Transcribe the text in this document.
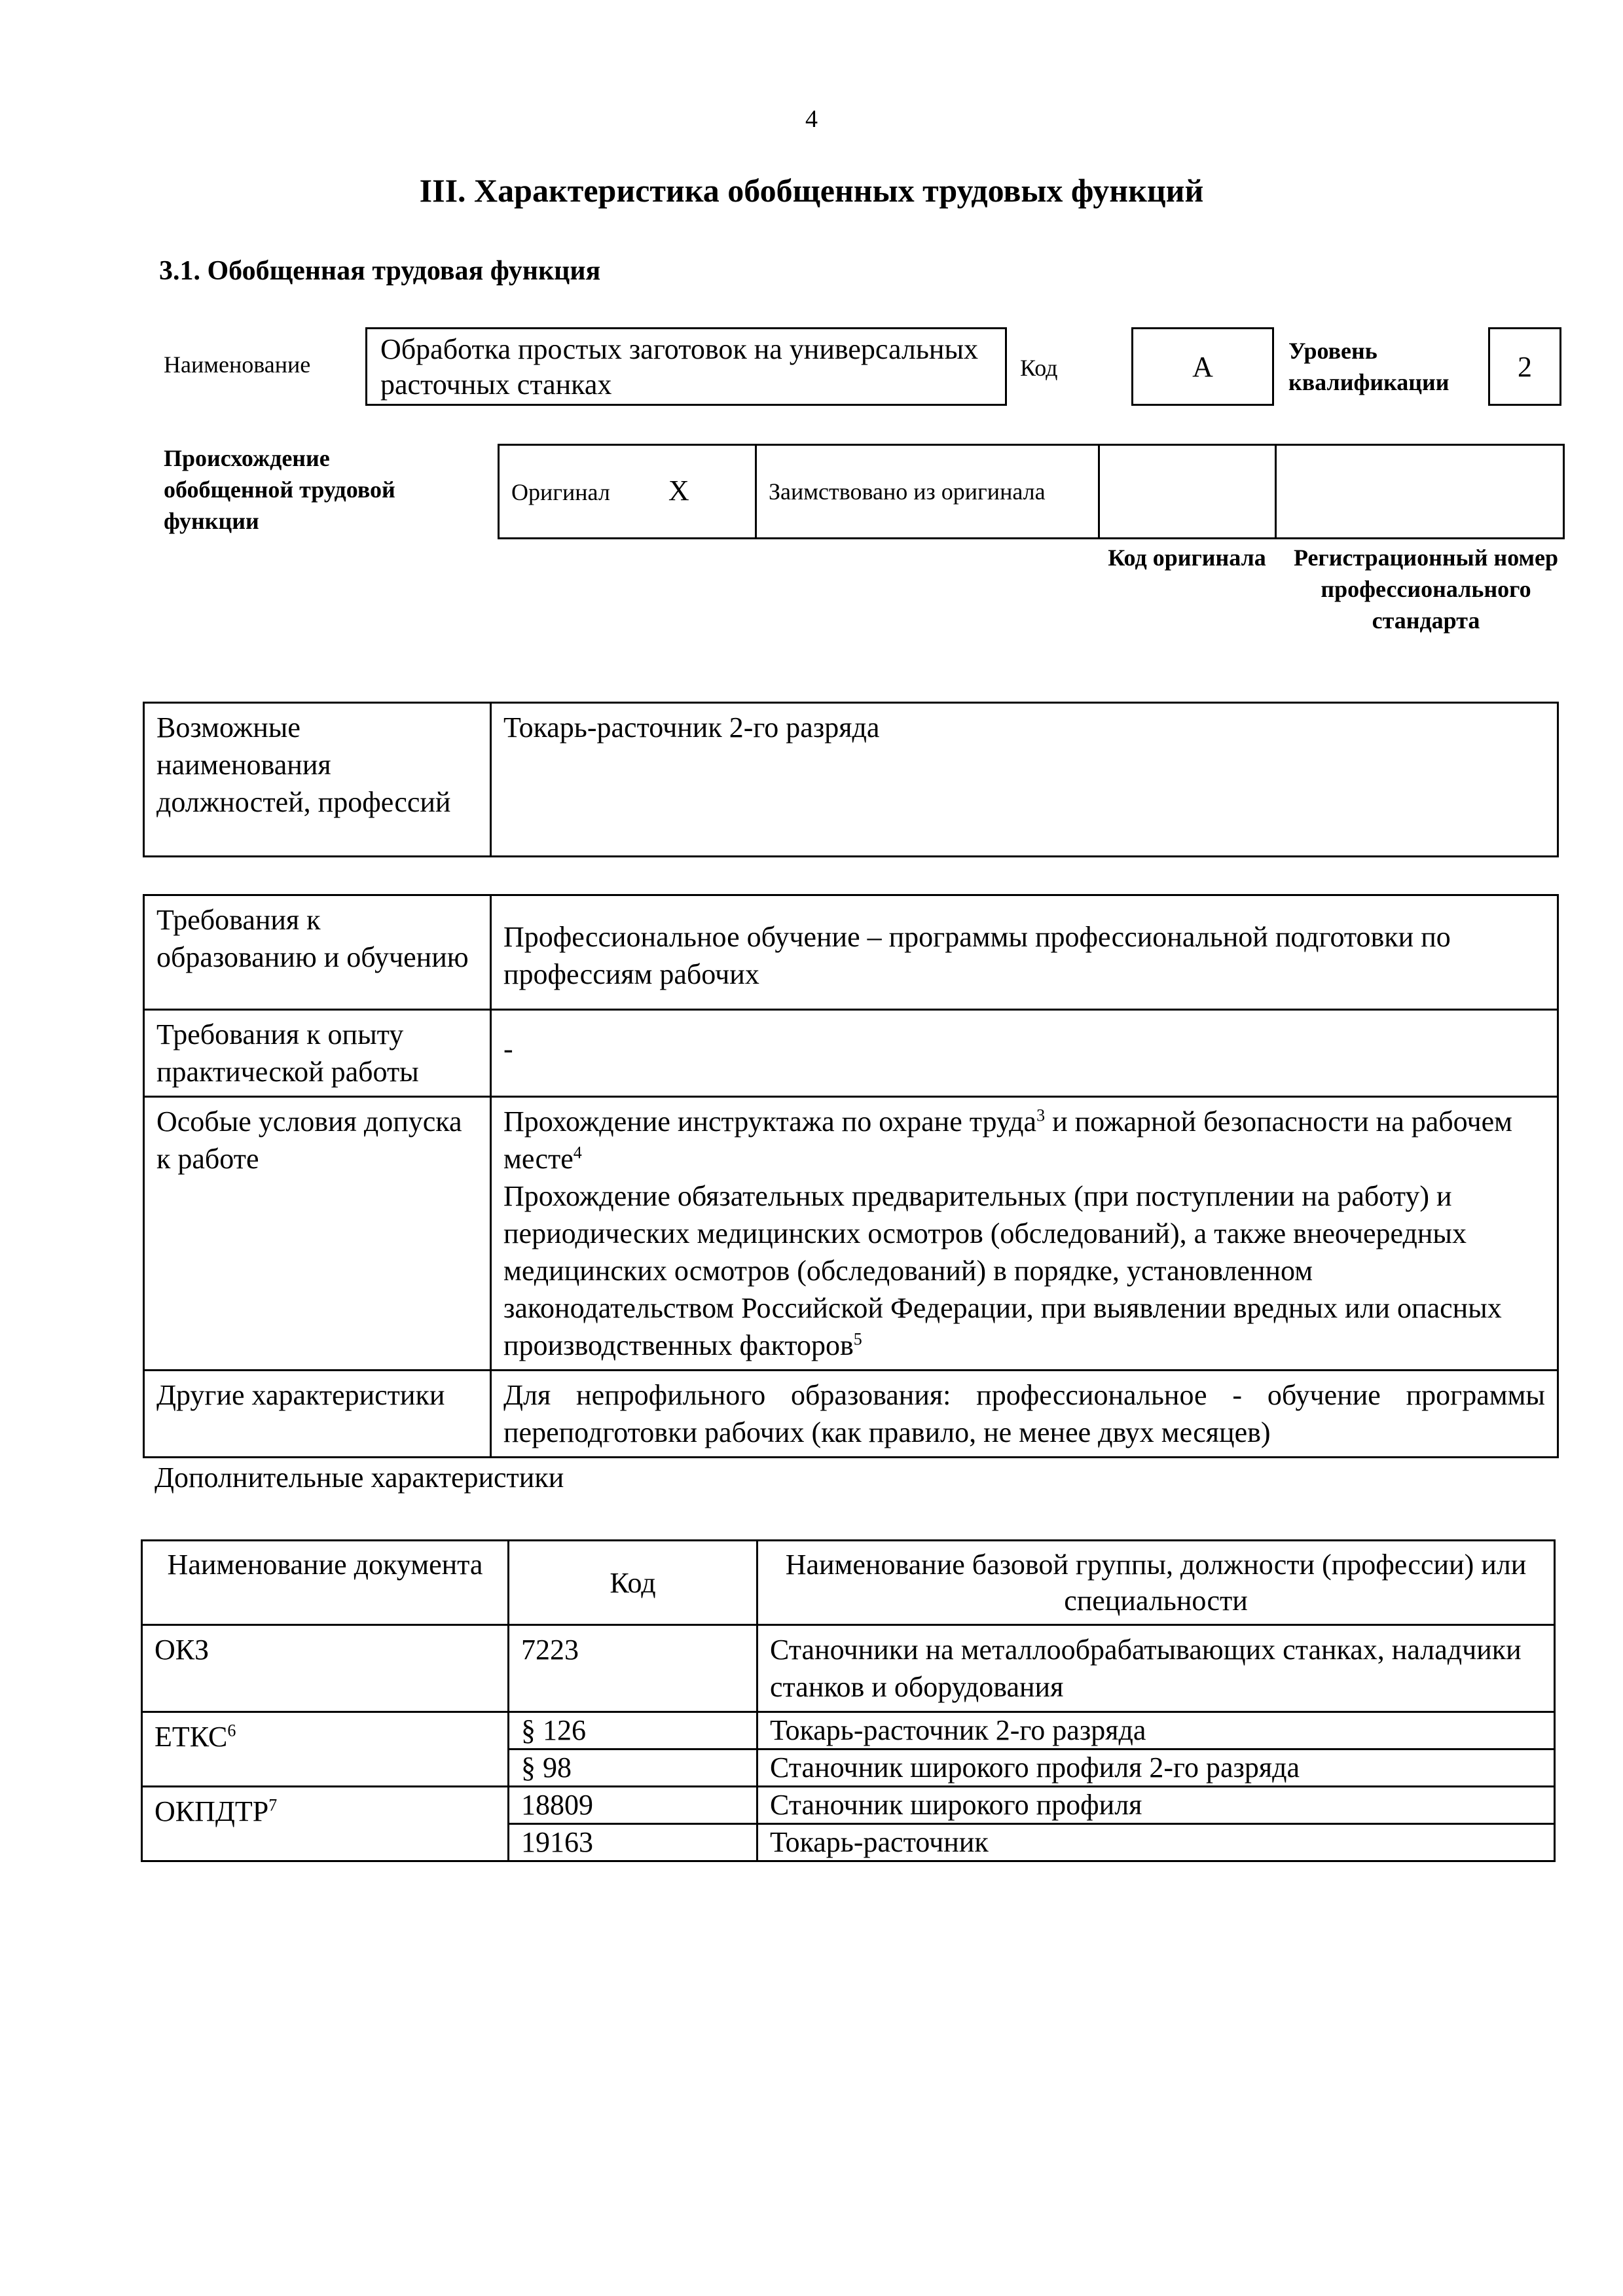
4
III. Характеристика обобщенных трудовых функций
3.1. Обобщенная трудовая функция
Наименование Обработка простых заготовок на универсальных расточных станках
Код	А	Уровень квалификации	2
Происхождение обобщенной трудовой функции
Оригинал Х	Заимствовано из оригинала		
Код оригинала	Регистрационный номер профессионального стандарта
Возможные наименования должностей, профессий	Токарь-расточник 2-го разряда
Требования к образованию и обучению	Профессиональное обучение – программы профессиональной подготовки по профессиям рабочих
Требования к опыту практической работы	-
Особые условия допуска к работе	Прохождение инструктажа по охране труда$^3$ и пожарной безопасности на рабочем месте$^4$
Прохождение обязательных предварительных (при поступлении на работу) и периодических медицинских осмотров (обследований), а также внеочередных медицинских осмотров (обследований) в порядке, установленном законодательством Российской Федерации, при выявлении вредных или опасных производственных факторов$^5$

Другие характеристики	Для непрофильного образования: профессиональное - обучение программы переподготовки рабочих (как правило, не менее двух месяцев)
Дополнительные характеристики
Наименование документа	Код	Наименование базовой группы, должности (профессии) или специальности
ОКЗ	7223	Станочники на металлообрабатывающих станках, наладчики станков и оборудования
ЕТКС$^6$	§ 126	Токарь-расточник 2-го разряда
	§ 98	Станочник широкого профиля 2-го разряда
ОКПДТР$^7$	18809	Станочник широкого профиля
	19163	Токарь-расточник
